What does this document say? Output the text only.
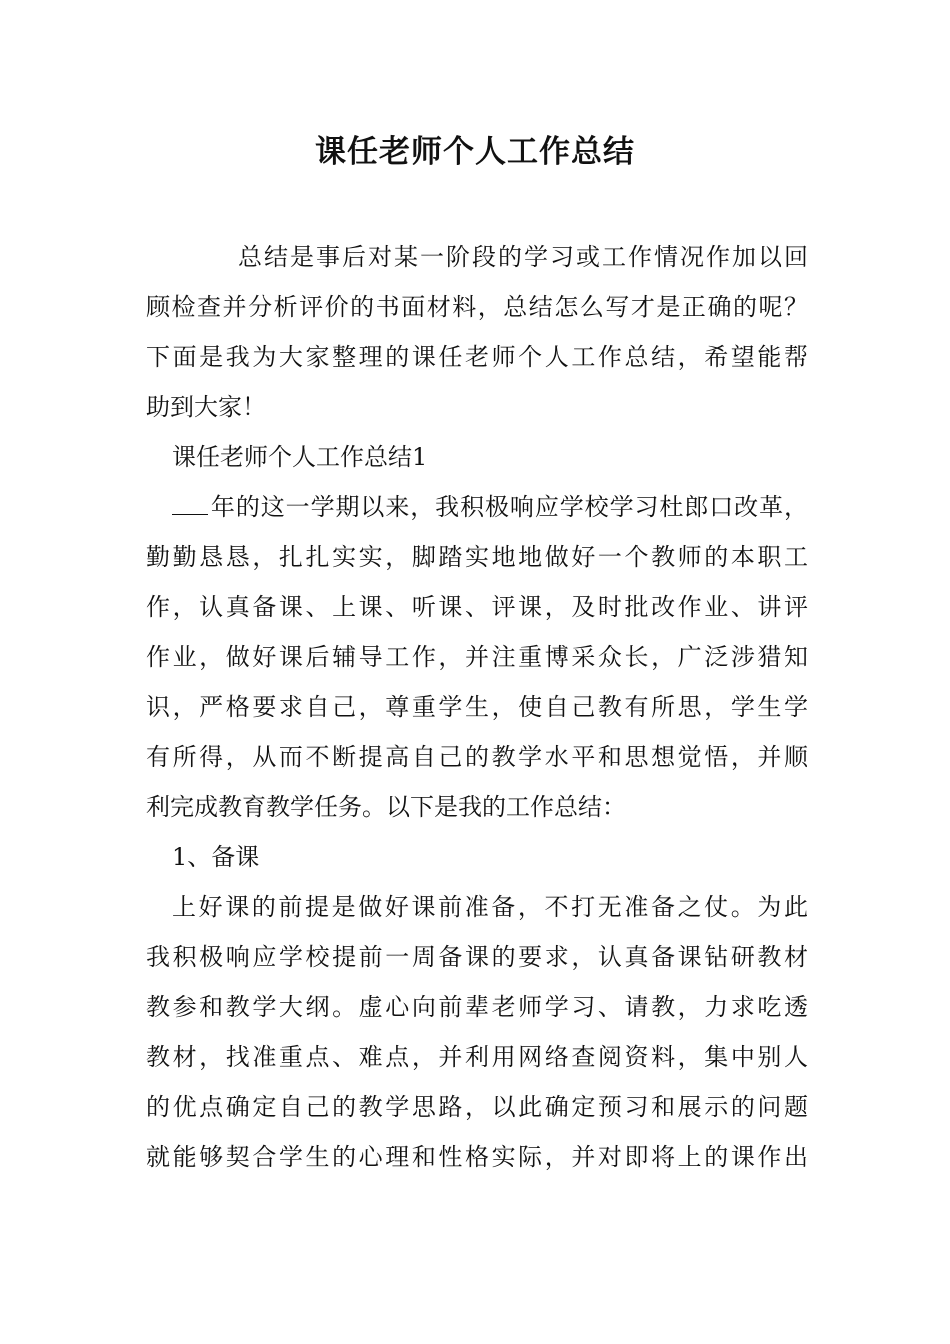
课任老师个人工作总结
总结是事后对某一阶段的学习或工作情况作加以回
顾检查并分析评价的书面材料，总结怎么写才是正确的呢？
下面是我为大家整理的课任老师个人工作总结，希望能帮
助到大家！
课任老师个人工作总结1
年的这一学期以来，我积极响应学校学习杜郎口改革，
勤勤恳恳，扎扎实实，脚踏实地地做好一个教师的本职工
作，认真备课、上课、听课、评课，及时批改作业、讲评
作业，做好课后辅导工作，并注重博采众长，广泛涉猎知
识，严格要求自己，尊重学生，使自己教有所思，学生学
有所得，从而不断提高自己的教学水平和思想觉悟，并顺
利完成教育教学任务。以下是我的工作总结：
1、备课
上好课的前提是做好课前准备，不打无准备之仗。为此
我积极响应学校提前一周备课的要求，认真备课钻研教材
教参和教学大纲。虚心向前辈老师学习、请教，力求吃透
教材，找准重点、难点，并利用网络查阅资料，集中别人
的优点确定自己的教学思路，以此确定预习和展示的问题
就能够契合学生的心理和性格实际，并对即将上的课作出
